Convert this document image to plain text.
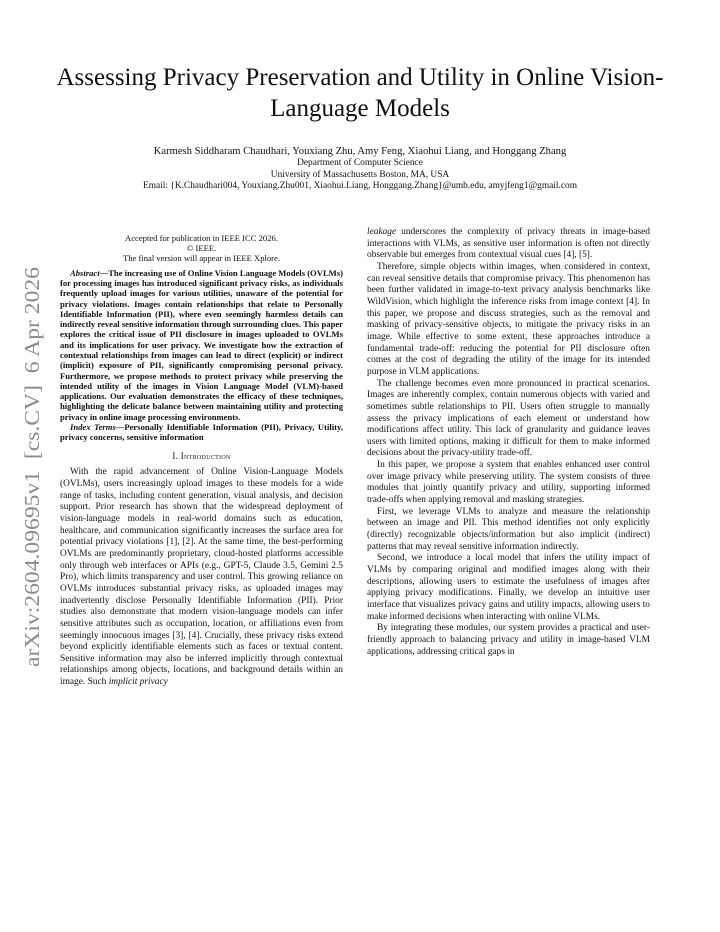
Assessing Privacy Preservation and Utility in Online Vision-Language Models
Karmesh Siddharam Chaudhari, Youxiang Zhu, Amy Feng, Xiaohui Liang, and Honggang Zhang
Department of Computer Science
University of Massachusetts Boston, MA, USA
Email: {K.Chaudhari004, Youxiang.Zhu001, Xiaohui.Liang, Honggang.Zhang}@umb.edu, amyjfeng1@gmail.com
arXiv:2604.09695v1  [cs.CV]  6 Apr 2026
Accepted for publication in IEEE ICC 2026.
© IEEE.
The final version will appear in IEEE Xplore.

Abstract—The increasing use of Online Vision Language Models (OVLMs) for processing images has introduced significant privacy risks, as individuals frequently upload images for various utilities, unaware of the potential for privacy violations. Images contain relationships that relate to Personally Identifiable Information (PII), where even seemingly harmless details can indirectly reveal sensitive information through surrounding clues. This paper explores the critical issue of PII disclosure in images uploaded to OVLMs and its implications for user privacy. We investigate how the extraction of contextual relationships from images can lead to direct (explicit) or indirect (implicit) exposure of PII, significantly compromising personal privacy. Furthermore, we propose methods to protect privacy while preserving the intended utility of the images in Vision Language Model (VLM)-based applications. Our evaluation demonstrates the efficacy of these techniques, highlighting the delicate balance between maintaining utility and protecting privacy in online image processing environments.

Index Terms—Personally Identifiable Information (PII), Privacy, Utility, privacy concerns, sensitive information

I. Introduction

With the rapid advancement of Online Vision-Language Models (OVLMs), users increasingly upload images to these models for a wide range of tasks, including content generation, visual analysis, and decision support. Prior research has shown that the widespread deployment of vision-language models in real-world domains such as education, healthcare, and communication significantly increases the surface area for potential privacy violations [1], [2]. At the same time, the best-performing OVLMs are predominantly proprietary, cloud-hosted platforms accessible only through web interfaces or APIs (e.g., GPT-5, Claude 3.5, Gemini 2.5 Pro), which limits transparency and user control. This growing reliance on OVLMs introduces substantial privacy risks, as uploaded images may inadvertently disclose Personally Identifiable Information (PII). Prior studies also demonstrate that modern vision-language models can infer sensitive attributes such as occupation, location, or affiliations even from seemingly innocuous images [3], [4]. Crucially, these privacy risks extend beyond explicitly identifiable elements such as faces or textual content. Sensitive information may also be inferred implicitly through contextual relationships among objects, locations, and background details within an image. Such implicit privacy

leakage underscores the complexity of privacy threats in image-based interactions with VLMs, as sensitive user information is often not directly observable but emerges from contextual visual cues [4], [5].

Therefore, simple objects within images, when considered in context, can reveal sensitive details that compromise privacy. This phenomenon has been further validated in image-to-text privacy analysis benchmarks like WildVision, which highlight the inference risks from image context [4]. In this paper, we propose and discuss strategies, such as the removal and masking of privacy-sensitive objects, to mitigate the privacy risks in an image. While effective to some extent, these approaches introduce a fundamental trade-off: reducing the potential for PII disclosure often comes at the cost of degrading the utility of the image for its intended purpose in VLM applications.

The challenge becomes even more pronounced in practical scenarios. Images are inherently complex, contain numerous objects with varied and sometimes subtle relationships to PII. Users often struggle to manually assess the privacy implications of each element or understand how modifications affect utility. This lack of granularity and guidance leaves users with limited options, making it difficult for them to make informed decisions about the privacy-utility trade-off.

In this paper, we propose a system that enables enhanced user control over image privacy while preserving utility. The system consists of three modules that jointly quantify privacy and utility, supporting informed trade-offs when applying removal and masking strategies.

First, we leverage VLMs to analyze and measure the relationship between an image and PII. This method identifies not only explicitly (directly) recognizable objects/information but also implicit (indirect) patterns that may reveal sensitive information indirectly.

Second, we introduce a local model that infers the utility impact of VLMs by comparing original and modified images along with their descriptions, allowing users to estimate the usefulness of images after applying privacy modifications. Finally, we develop an intuitive user interface that visualizes privacy gains and utility impacts, allowing users to make informed decisions when interacting with online VLMs.

By integrating these modules, our system provides a practical and user-friendly approach to balancing privacy and utility in image-based VLM applications, addressing critical gaps in
